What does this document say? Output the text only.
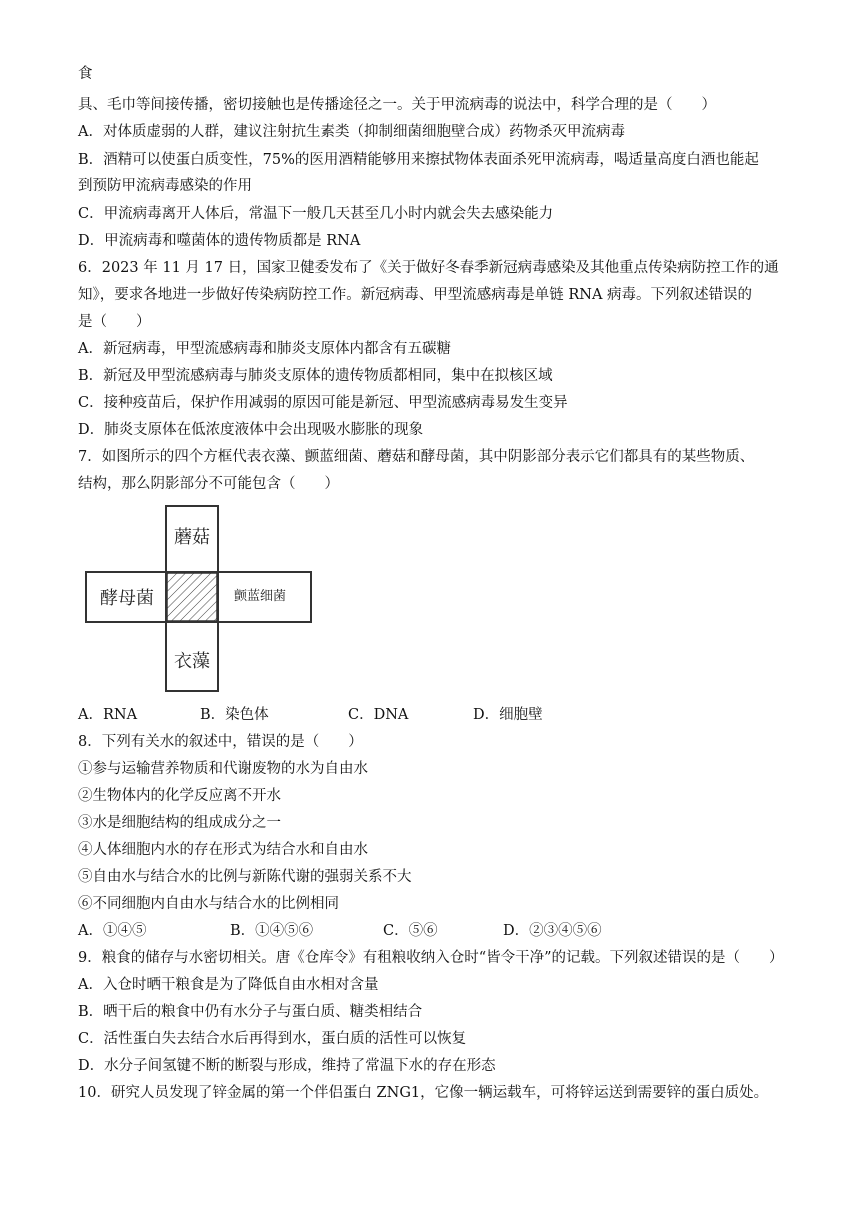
食
具、毛巾等间接传播，密切接触也是传播途径之一。关于甲流病毒的说法中，科学合理的是（　　）
A．对体质虚弱的人群，建议注射抗生素类（抑制细菌细胞壁合成）药物杀灭甲流病毒
B．酒精可以使蛋白质变性，75%的医用酒精能够用来擦拭物体表面杀死甲流病毒，喝适量高度白酒也能起
到预防甲流病毒感染的作用
C．甲流病毒离开人体后，常温下一般几天甚至几小时内就会失去感染能力
D．甲流病毒和噬菌体的遗传物质都是 RNA
6．2023 年 11 月 17 日，国家卫健委发布了《关于做好冬春季新冠病毒感染及其他重点传染病防控工作的通
知》，要求各地进一步做好传染病防控工作。新冠病毒、甲型流感病毒是单链 RNA 病毒。下列叙述错误的
是（　　）
A．新冠病毒，甲型流感病毒和肺炎支原体内都含有五碳糖
B．新冠及甲型流感病毒与肺炎支原体的遗传物质都相同，集中在拟核区域
C．接种疫苗后，保护作用减弱的原因可能是新冠、甲型流感病毒易发生变异
D．肺炎支原体在低浓度液体中会出现吸水膨胀的现象
7．如图所示的四个方框代表衣藻、颤蓝细菌、蘑菇和酵母菌，其中阴影部分表示它们都具有的某些物质、
结构，那么阴影部分不可能包含（　　）
蘑菇
酵母菌	颤蓝细菌
衣藻
A．RNA	B．染色体	C．DNA	D．细胞壁
8．下列有关水的叙述中，错误的是（　　）
①参与运输营养物质和代谢废物的水为自由水
②生物体内的化学反应离不开水
③水是细胞结构的组成成分之一
④人体细胞内水的存在形式为结合水和自由水
⑤自由水与结合水的比例与新陈代谢的强弱关系不大
⑥不同细胞内自由水与结合水的比例相同
A．①④⑤	B．①④⑤⑥	C．⑤⑥	D．②③④⑤⑥
9．粮食的储存与水密切相关。唐《仓库令》有租粮收纳入仓时“皆令干净”的记载。下列叙述错误的是（　　）
A．入仓时晒干粮食是为了降低自由水相对含量
B．晒干后的粮食中仍有水分子与蛋白质、糖类相结合
C．活性蛋白失去结合水后再得到水，蛋白质的活性可以恢复
D．水分子间氢键不断的断裂与形成，维持了常温下水的存在形态
10．研究人员发现了锌金属的第一个伴侣蛋白 ZNG1，它像一辆运载车，可将锌运送到需要锌的蛋白质处。
